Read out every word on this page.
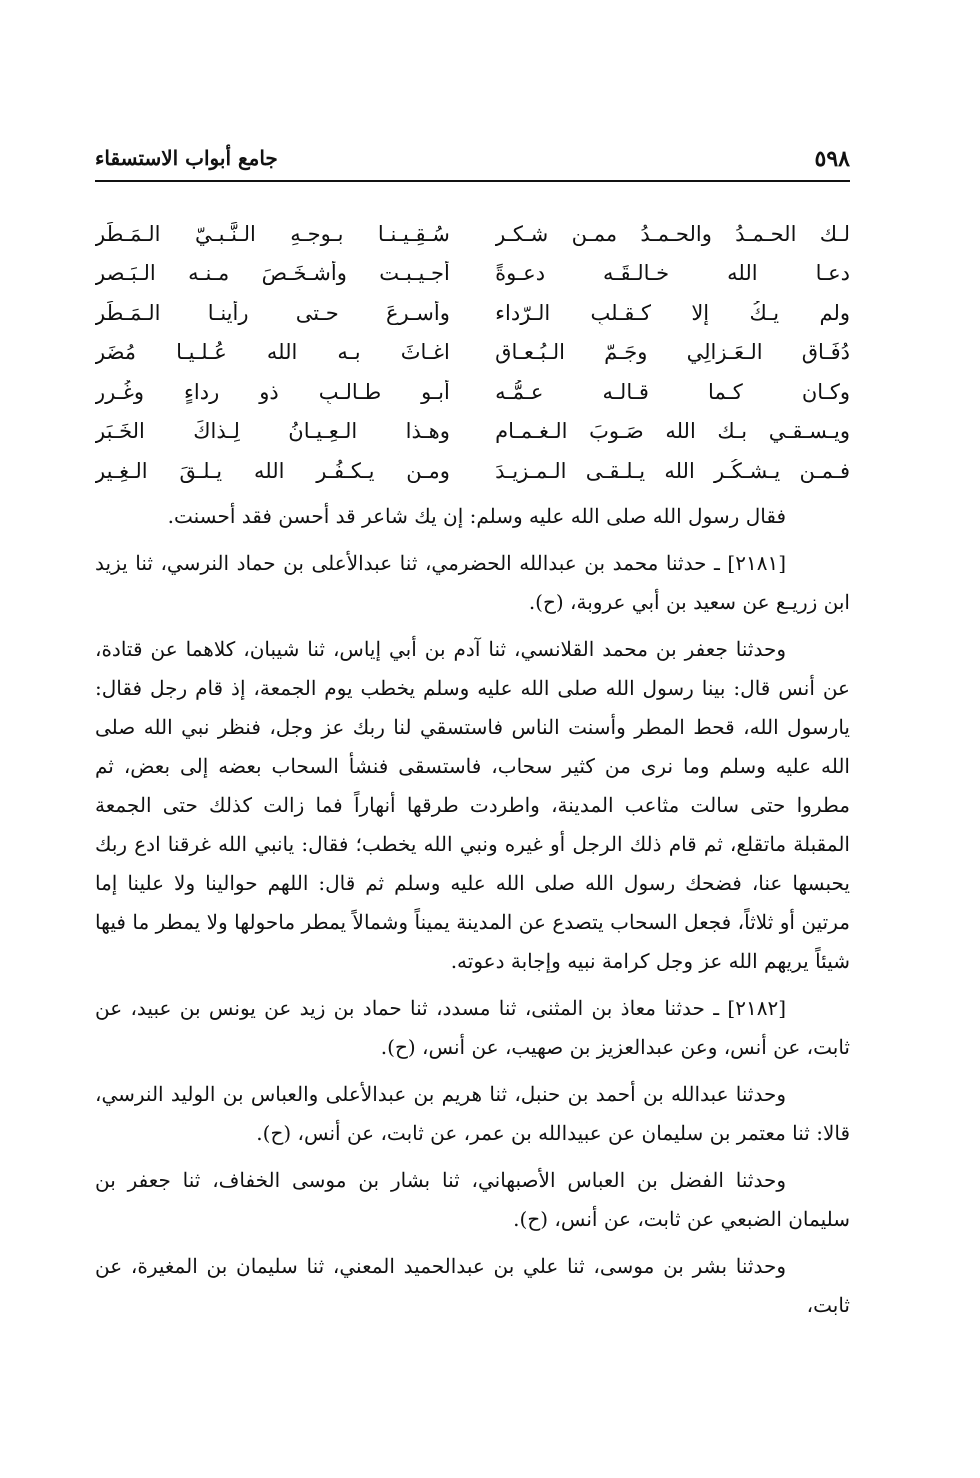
٥٩٨
جامع أبواب الاستسقاء
لـك الحـمـدُ والحـمـدُ ممـن شـكـر
سُـقِـيـنـا بـوجـهِ الـنَّـبـيّ الـمَـطَر
دعـا الله خـالـقَـه دعـوةً
أجـيـبـت وأشـخَـصَ مـنـه الـبَـصر
ولم يـكُ إلا كـقـلبِ الـرّداء
وأسـرعَ حـتى رأينـا الـمَـطَر
دُفَـاق الـعَـزالِي وجَـمّ الـبُـعـاقِ
اغـاثَ بـه الله عُـلـيـا مُضَر
وكـان كـما قـالـه عـمُّـه
أبـو طـالـبٍ ذو رداءٍ وغُـرر
ويـسـقـي بـك الله صَـوبَ الـغـمـامِ
وهـذا الـعِـيـانُ لِـذاكَ الخَـبَر
فـمـن يـشـكُـرِ الله يـلـقـى الـمـزيـدَ
ومـن يـكـفُـرِ الله يـلـقَ الـغِـير

فقال رسول الله صلى الله عليه وسلم: إن يك شاعر قد أحسن فقد أحسنت.

[٢١٨١] ـ حدثنا محمد بن عبدالله الحضرمي، ثنا عبدالأعلى بن حماد النرسي، ثنا يزيد ابن زريـع عن سعيد بن أبي عروبة، (ح).

وحدثنا جعفر بن محمد القلانسي، ثنا آدم بن أبي إياس، ثنا شيبان، كلاهما عن قتادة، عن أنس قال: بينا رسول الله صلى الله عليه وسلم يخطب يوم الجمعة، إذ قام رجل فقال: يارسول الله، قحط المطر وأسنت الناس فاستسقي لنا ربك عز وجل، فنظر نبي الله صلى الله عليه وسلم وما نرى من كثير سحاب، فاستسقى فنشأ السحاب بعضه إلى بعض، ثم مطروا حتى سالت مثاعب المدينة، واطردت طرقها أنهاراً فما زالت كذلك حتى الجمعة المقبلة ماتقلع، ثم قام ذلك الرجل أو غيره ونبي الله يخطب؛ فقال: يانبي الله غرقنا ادع ربك يحبسها عنا، فضحك رسول الله صلى الله عليه وسلم ثم قال: اللهم حوالينا ولا علينا إما مرتين أو ثلاثاً، فجعل السحاب يتصدع عن المدينة يميناً وشمالاً يمطر ماحولها ولا يمطر ما فيها شيئاً يريهم الله عز وجل كرامة نبيه وإجابة دعوته.

[٢١٨٢] ـ حدثنا معاذ بن المثنى، ثنا مسدد، ثنا حماد بن زيد عن يونس بن عبيد، عن ثابت، عن أنس، وعن عبدالعزيز بن صهيب، عن أنس، (ح).

وحدثنا عبدالله بن أحمد بن حنبل، ثنا هريم بن عبدالأعلى والعباس بن الوليد النرسي، قالا: ثنا معتمر بن سليمان عن عبيدالله بن عمر، عن ثابت، عن أنس، (ح).

وحدثنا الفضل بن العباس الأصبهاني، ثنا بشار بن موسى الخفاف، ثنا جعفر بن سليمان الضبعي عن ثابت، عن أنس، (ح).

وحدثنا بشر بن موسى، ثنا علي بن عبدالحميد المعني، ثنا سليمان بن المغيرة، عن ثابت،
